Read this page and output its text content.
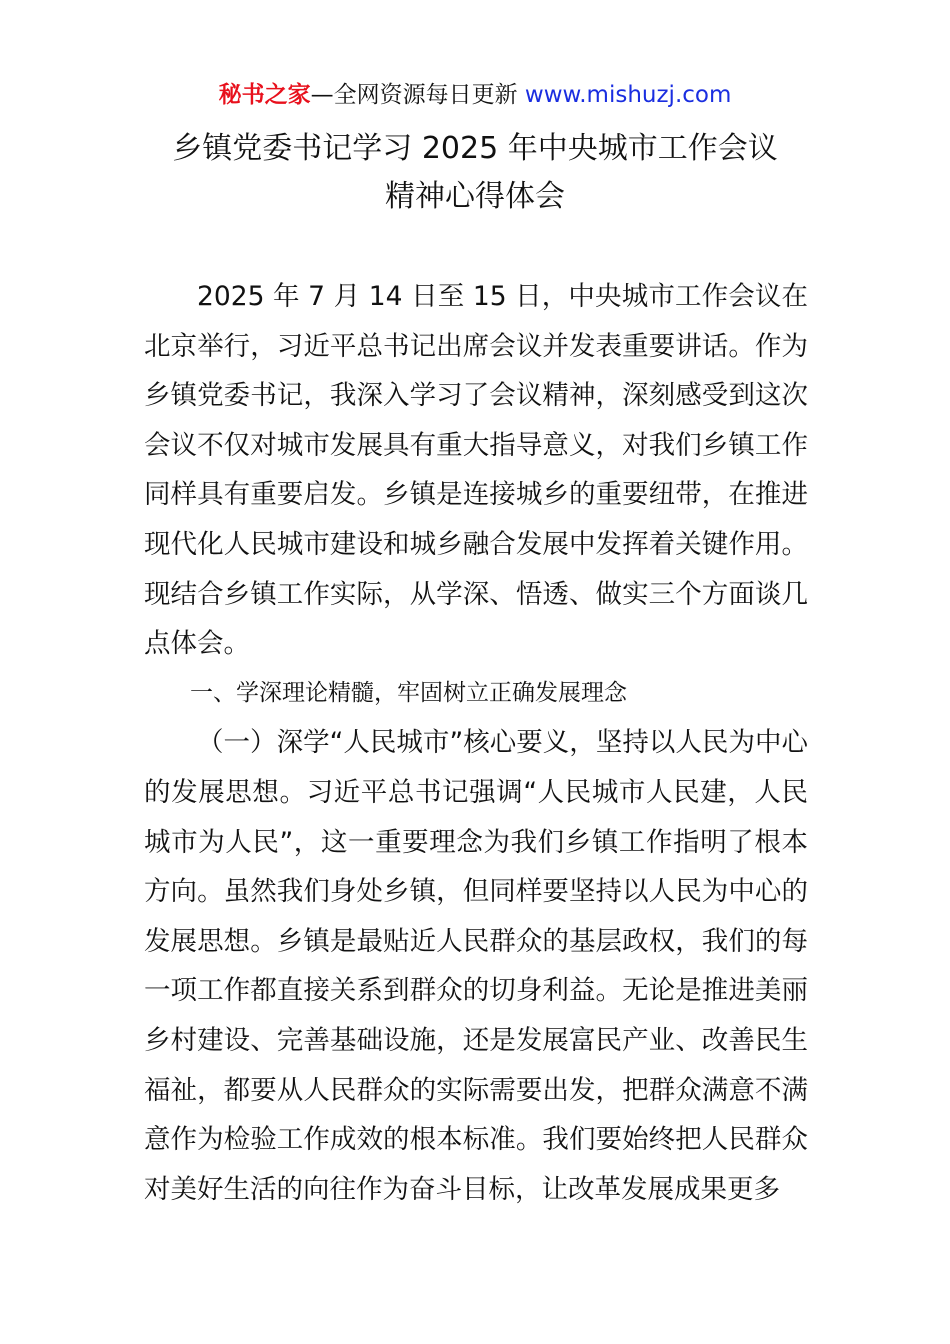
秘书之家—全网资源每日更新 www.mishuzj.com
乡镇党委书记学习 2025 年中央城市工作会议
精神心得体会

2025 年 7 月 14 日至 15 日，中央城市工作会议在北京举行，习近平总书记出席会议并发表重要讲话。作为乡镇党委书记，我深入学习了会议精神，深刻感受到这次会议不仅对城市发展具有重大指导意义，对我们乡镇工作同样具有重要启发。乡镇是连接城乡的重要纽带，在推进现代化人民城市建设和城乡融合发展中发挥着关键作用。现结合乡镇工作实际，从学深、悟透、做实三个方面谈几点体会。

一、学深理论精髓，牢固树立正确发展理念

（一）深学“人民城市”核心要义，坚持以人民为中心的发展思想。习近平总书记强调“人民城市人民建，人民城市为人民”，这一重要理念为我们乡镇工作指明了根本方向。虽然我们身处乡镇，但同样要坚持以人民为中心的发展思想。乡镇是最贴近人民群众的基层政权，我们的每一项工作都直接关系到群众的切身利益。无论是推进美丽乡村建设、完善基础设施，还是发展富民产业、改善民生福祉，都要从人民群众的实际需要出发，把群众满意不满意作为检验工作成效的根本标准。我们要始终把人民群众对美好生活的向往作为奋斗目标，让改革发展成果更多
